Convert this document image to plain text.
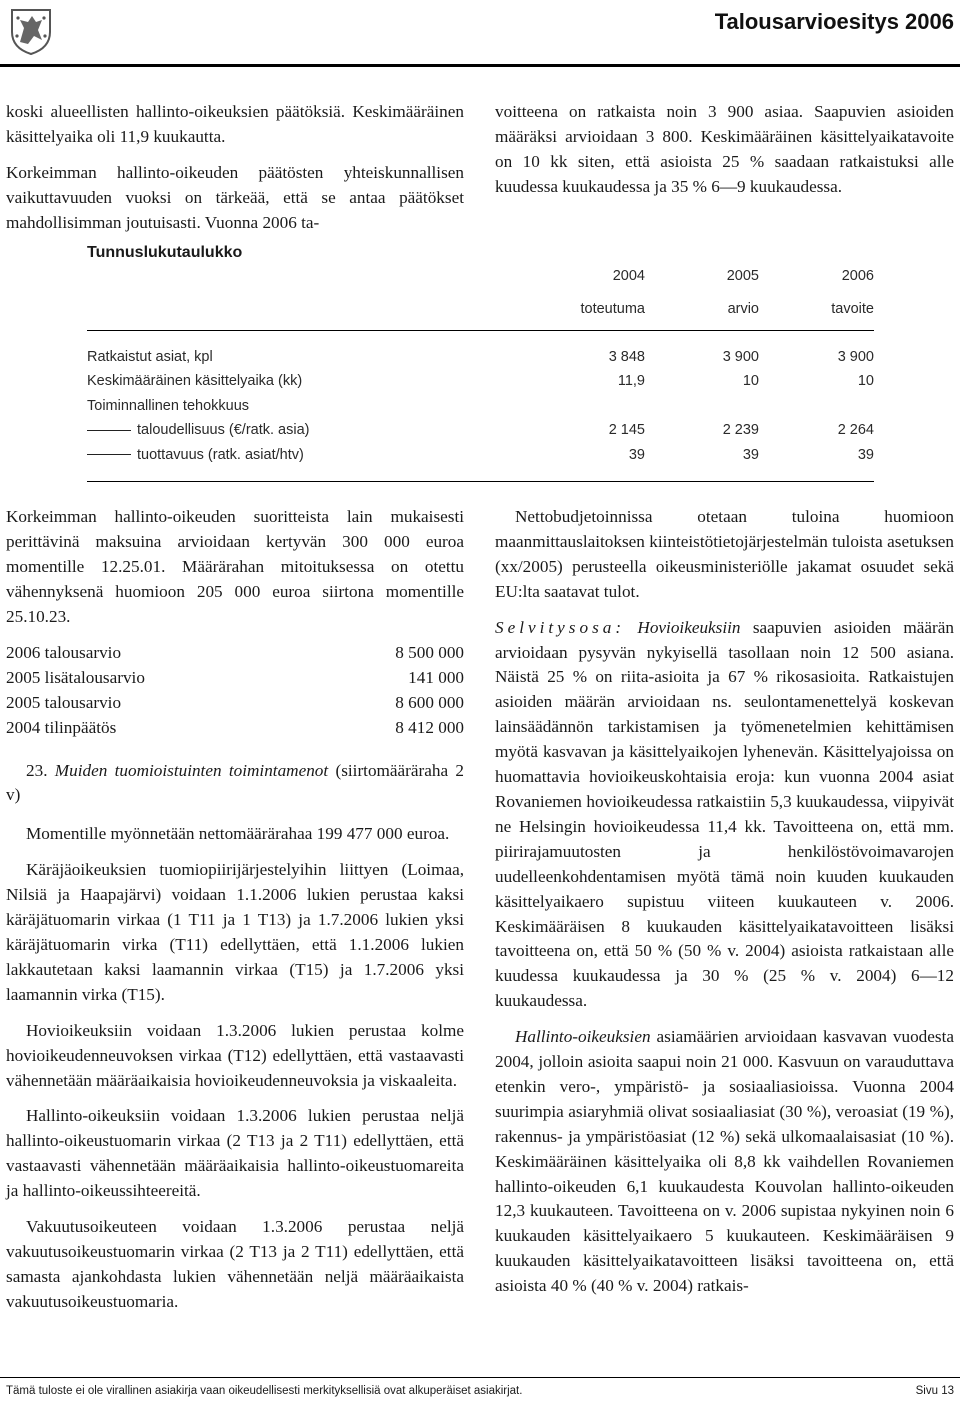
Talousarvioesitys 2006

koski alueellisten hallinto-oikeuksien päätöksiä. Keskimääräinen käsittelyaika oli 11,9 kuukautta.

Korkeimman hallinto-oikeuden päätösten yhteiskunnallisen vaikuttavuuden vuoksi on tärkeää, että se antaa päätökset mahdollisimman joutuisasti. Vuonna 2006 ta-

voitteena on ratkaista noin 3 900 asiaa. Saapuvien asioiden määräksi arvioidaan 3 800. Keskimääräinen käsittelyaikatavoite on 10 kk siten, että asioista 25 % saadaan ratkaistuksi alle kuudessa kuukaudessa ja 35 % 6—9 kuukaudessa.

Tunnuslukutaulukko
2004	2005	2006
toteutuma	arvio	tavoite
Ratkaistut asiat, kpl	3 848	3 900	3 900
Keskimääräinen käsittelyaika (kk)	11,9	10	10
Toiminnallinen tehokkuus
taloudellisuus (€/ratk. asia)	2 145	2 239	2 264
tuottavuus (ratk. asiat/htv)	39	39	39

Korkeimman hallinto-oikeuden suoritteista lain mukaisesti perittävinä maksuina arvioidaan kertyvän 300 000 euroa momentille 12.25.01. Määrärahan mitoituksessa on otettu vähennyksenä huomioon 205 000 euroa siirtona momentille 25.10.23.

2006 talousarvio	8 500 000
2005 lisätalousarvio	141 000
2005 talousarvio	8 600 000
2004 tilinpäätös	8 412 000

23. Muiden tuomioistuinten toimintamenot (siirtomääräraha 2 v)

Momentille myönnetään nettomäärärahaa 199 477 000 euroa.

Käräjäoikeuksien tuomiopiirijärjestelyihin liittyen (Loimaa, Nilsiä ja Haapajärvi) voidaan 1.1.2006 lukien perustaa kaksi käräjätuomarin virkaa (1 T11 ja 1 T13) ja 1.7.2006 lukien yksi käräjätuomarin virka (T11) edellyttäen, että 1.1.2006 lukien lakkautetaan kaksi laamannin virkaa (T15) ja 1.7.2006 yksi laamannin virka (T15).

Hovioikeuksiin voidaan 1.3.2006 lukien perustaa kolme hovioikeudenneuvoksen virkaa (T12) edellyttäen, että vastaavasti vähennetään määräaikaisia hovioikeudenneuvoksia ja viskaaleita.

Hallinto-oikeuksiin voidaan 1.3.2006 lukien perustaa neljä hallinto-oikeustuomarin virkaa (2 T13 ja 2 T11) edellyttäen, että vastaavasti vähennetään määräaikaisia hallinto-oikeustuomareita ja hallinto-oikeussihteereitä.

Vakuutusoikeuteen voidaan 1.3.2006 perustaa neljä vakuutusoikeustuomarin virkaa (2 T13 ja 2 T11) edellyttäen, että samasta ajankohdasta lukien vähennetään neljä määräaikaista vakuutusoikeustuomaria.

Nettobudjetoinnissa otetaan tuloina huomioon maanmittauslaitoksen kiinteistötietojärjestelmän tuloista asetuksen (xx/2005) perusteella oikeusministeriölle jakamat osuudet sekä EU:lta saatavat tulot.

Selvitysosa: Hovioikeuksiin saapuvien asioiden määrän arvioidaan pysyvän nykyisellä tasollaan noin 12 500 asiana. Näistä 25 % on riita-asioita ja 67 % rikosasioita. Ratkaistujen asioiden määrän arvioidaan ns. seulontamenettelyä koskevan lainsäädännön tarkistamisen ja työmenetelmien kehittämisen myötä kasvavan ja käsittelyaikojen lyhenevän. Käsittelyajoissa on huomattavia hovioikeuskohtaisia eroja: kun vuonna 2004 asiat Rovaniemen hovioikeudessa ratkaistiin 5,3 kuukaudessa, viipyivät ne Helsingin hovioikeudessa 11,4 kk. Tavoitteena on, että mm. piirirajamuutosten ja henkilöstövoimavarojen uudelleenkohdentamisen myötä tämä noin kuuden kuukauden käsittelyaikaero supistuu viiteen kuukauteen v. 2006. Keskimääräisen 8 kuukauden käsittelyaikatavoitteen lisäksi tavoitteena on, että 50 % (50 % v. 2004) asioista ratkaistaan alle kuudessa kuukaudessa ja 30 % (25 % v. 2004) 6—12 kuukaudessa.

Hallinto-oikeuksien asiamäärien arvioidaan kasvavan vuodesta 2004, jolloin asioita saapui noin 21 000. Kasvuun on varauduttava etenkin vero-, ympäristö- ja sosiaaliasioissa. Vuonna 2004 suurimpia asiaryhmiä olivat sosiaaliasiat (30 %), veroasiat (19 %), rakennus- ja ympäristöasiat (12 %) sekä ulkomaalaisasiat (10 %). Keskimääräinen käsittelyaika oli 8,8 kk vaihdellen Rovaniemen hallinto-oikeuden 6,1 kuukaudesta Kouvolan hallinto-oikeuden 12,3 kuukauteen. Tavoitteena on v. 2006 supistaa nykyinen noin 6 kuukauden käsittelyaikaero 5 kuukauteen. Keskimääräisen 9 kuukauden käsittelyaikatavoitteen lisäksi tavoitteena on, että asioista 40 % (40 % v. 2004) ratkais-

Tämä tuloste ei ole virallinen asiakirja vaan oikeudellisesti merkityksellisiä ovat alkuperäiset asiakirjat.	Sivu 13
